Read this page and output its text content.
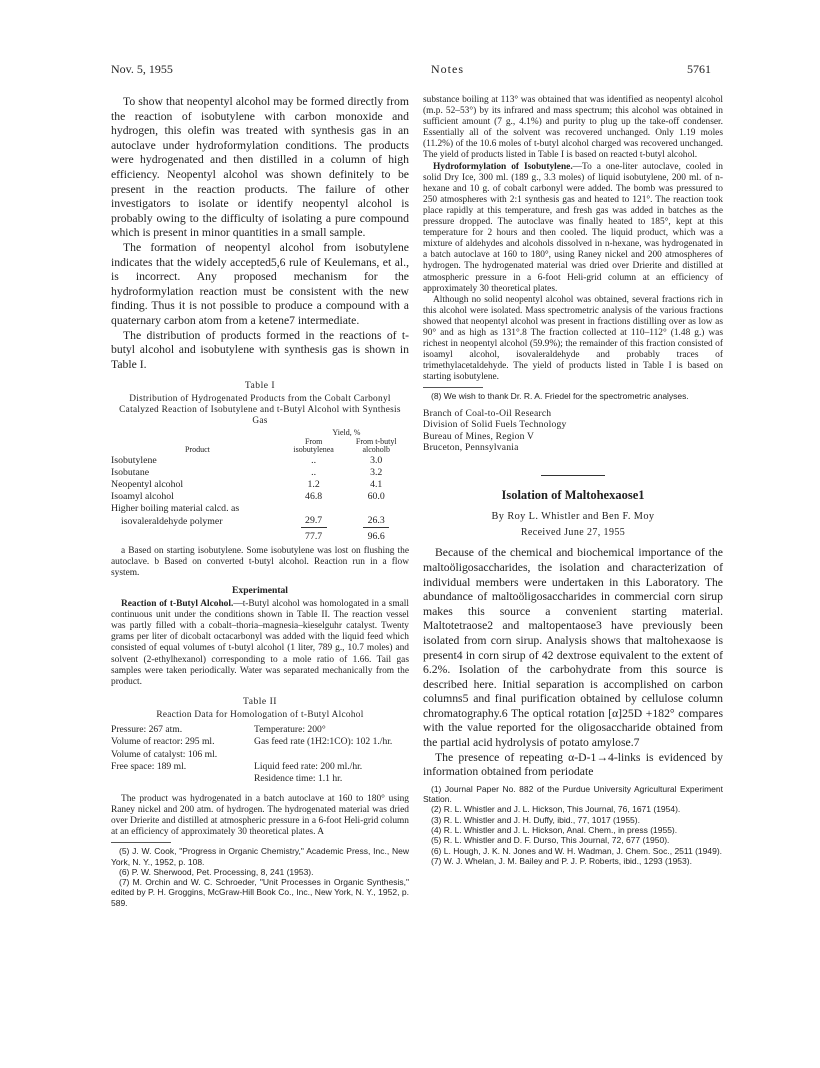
Nov. 5, 1955	Notes	5761

To show that neopentyl alcohol may be formed directly from the reaction of isobutylene with carbon monoxide and hydrogen, this olefin was treated with synthesis gas in an autoclave under hydroformylation conditions. The products were hydrogenated and then distilled in a column of high efficiency. Neopentyl alcohol was shown definitely to be present in the reaction products. The failure of other investigators to isolate or identify neopentyl alcohol is probably owing to the difficulty of isolating a pure compound which is present in minor quantities in a small sample.

The formation of neopentyl alcohol from isobutylene indicates that the widely accepted5,6 rule of Keulemans, et al., is incorrect. Any proposed mechanism for the hydroformylation reaction must be consistent with the new finding. Thus it is not possible to produce a compound with a quaternary carbon atom from a ketene7 intermediate.

The distribution of products formed in the reactions of t-butyl alcohol and isobutylene with synthesis gas is shown in Table I.

Table I
Distribution of Hydrogenated Products from the Cobalt Carbonyl Catalyzed Reaction of Isobutylene and t-Butyl Alcohol with Synthesis Gas
	Yield, %	
Product	From isobutylenea	From t-butyl alcoholb
Isobutylene	..	3.0
Isobutane	..	3.2
Neopentyl alcohol	1.2	4.1
Isoamyl alcohol	46.8	60.0
Higher boiling material calcd. as		
isovaleraldehyde polymer	29.7	26.3
	77.7	96.6

a Based on starting isobutylene. Some isobutylene was lost on flushing the autoclave. b Based on converted t-butyl alcohol. Reaction run in a flow system.

Experimental

Reaction of t-Butyl Alcohol.—t-Butyl alcohol was homologated in a small continuous unit under the conditions shown in Table II. The reaction vessel was partly filled with a cobalt–thoria–magnesia–kieselguhr catalyst. Twenty grams per liter of dicobalt octacarbonyl was added with the liquid feed which consisted of equal volumes of t-butyl alcohol (1 liter, 789 g., 10.7 moles) and solvent (2-ethylhexanol) corresponding to a mole ratio of 1.66. Tail gas samples were taken periodically. Water was separated mechanically from the product.

Table II
Reaction Data for Homologation of t-Butyl Alcohol
Pressure: 267 atm.	Temperature: 200°
Volume of reactor: 295 ml.	Gas feed rate (1H2:1CO): 102 1./hr.
Volume of catalyst: 106 ml.	
Free space: 189 ml.	Liquid feed rate: 200 ml./hr.
	Residence time: 1.1 hr.

The product was hydrogenated in a batch autoclave at 160 to 180° using Raney nickel and 200 atm. of hydrogen. The hydrogenated material was dried over Drierite and distilled at atmospheric pressure in a 6-foot Heli-grid column at an efficiency of approximately 30 theoretical plates. A

(5) J. W. Cook, "Progress in Organic Chemistry," Academic Press, Inc., New York, N. Y., 1952, p. 108.

(6) P. W. Sherwood, Pet. Processing, 8, 241 (1953).

(7) M. Orchin and W. C. Schroeder, "Unit Processes in Organic Synthesis," edited by P. H. Groggins, McGraw-Hill Book Co., Inc., New York, N. Y., 1952, p. 589.

substance boiling at 113° was obtained that was identified as neopentyl alcohol (m.p. 52–53°) by its infrared and mass spectrum; this alcohol was obtained in sufficient amount (7 g., 4.1%) and purity to plug up the take-off condenser. Essentially all of the solvent was recovered unchanged. Only 1.19 moles (11.2%) of the 10.6 moles of t-butyl alcohol charged was recovered unchanged. The yield of products listed in Table I is based on reacted t-butyl alcohol.

Hydroformylation of Isobutylene.—To a one-liter autoclave, cooled in solid Dry Ice, 300 ml. (189 g., 3.3 moles) of liquid isobutylene, 200 ml. of n-hexane and 10 g. of cobalt carbonyl were added. The bomb was pressured to 250 atmospheres with 2:1 synthesis gas and heated to 121°. The reaction took place rapidly at this temperature, and fresh gas was added in batches as the pressure dropped. The autoclave was finally heated to 185°, kept at this temperature for 2 hours and then cooled. The liquid product, which was a mixture of aldehydes and alcohols dissolved in n-hexane, was hydrogenated in a batch autoclave at 160 to 180°, using Raney nickel and 200 atmospheres of hydrogen. The hydrogenated material was dried over Drierite and distilled at atmospheric pressure in a 6-foot Heli-grid column at an efficiency of approximately 30 theoretical plates.

Although no solid neopentyl alcohol was obtained, several fractions rich in this alcohol were isolated. Mass spectrometric analysis of the various fractions showed that neopentyl alcohol was present in fractions distilling over as low as 90° and as high as 131°.8 The fraction collected at 110–112° (1.48 g.) was richest in neopentyl alcohol (59.9%); the remainder of this fraction consisted of isoamyl alcohol, isovaleraldehyde and probably traces of trimethylacetaldehyde. The yield of products listed in Table I is based on starting isobutylene.

(8) We wish to thank Dr. R. A. Friedel for the spectrometric analyses.

Branch of Coal-to-Oil Research
Division of Solid Fuels Technology
Bureau of Mines, Region V
Bruceton, Pennsylvania
Isolation of Maltohexaose1
By Roy L. Whistler and Ben F. Moy
Received June 27, 1955

Because of the chemical and biochemical importance of the maltoöligosaccharides, the isolation and characterization of individual members were undertaken in this Laboratory. The abundance of maltoöligosaccharides in commercial corn sirup makes this source a convenient starting material. Maltotetraose2 and maltopentaose3 have previously been isolated from corn sirup. Analysis shows that maltohexaose is present4 in corn sirup of 42 dextrose equivalent to the extent of 6.2%. Isolation of the carbohydrate from this source is described here. Initial separation is accomplished on carbon columns5 and final purification obtained by cellulose column chromatography.6 The optical rotation [α]25D +182° compares with the value reported for the oligosaccharide obtained from the partial acid hydrolysis of potato amylose.7

The presence of repeating α-D-1→4-links is evidenced by information obtained from periodate

(1) Journal Paper No. 882 of the Purdue University Agricultural Experiment Station.

(2) R. L. Whistler and J. L. Hickson, This Journal, 76, 1671 (1954).

(3) R. L. Whistler and J. H. Duffy, ibid., 77, 1017 (1955).

(4) R. L. Whistler and J. L. Hickson, Anal. Chem., in press (1955).

(5) R. L. Whistler and D. F. Durso, This Journal, 72, 677 (1950).

(6) L. Hough, J. K. N. Jones and W. H. Wadman, J. Chem. Soc., 2511 (1949).

(7) W. J. Whelan, J. M. Bailey and P. J. P. Roberts, ibid., 1293 (1953).
